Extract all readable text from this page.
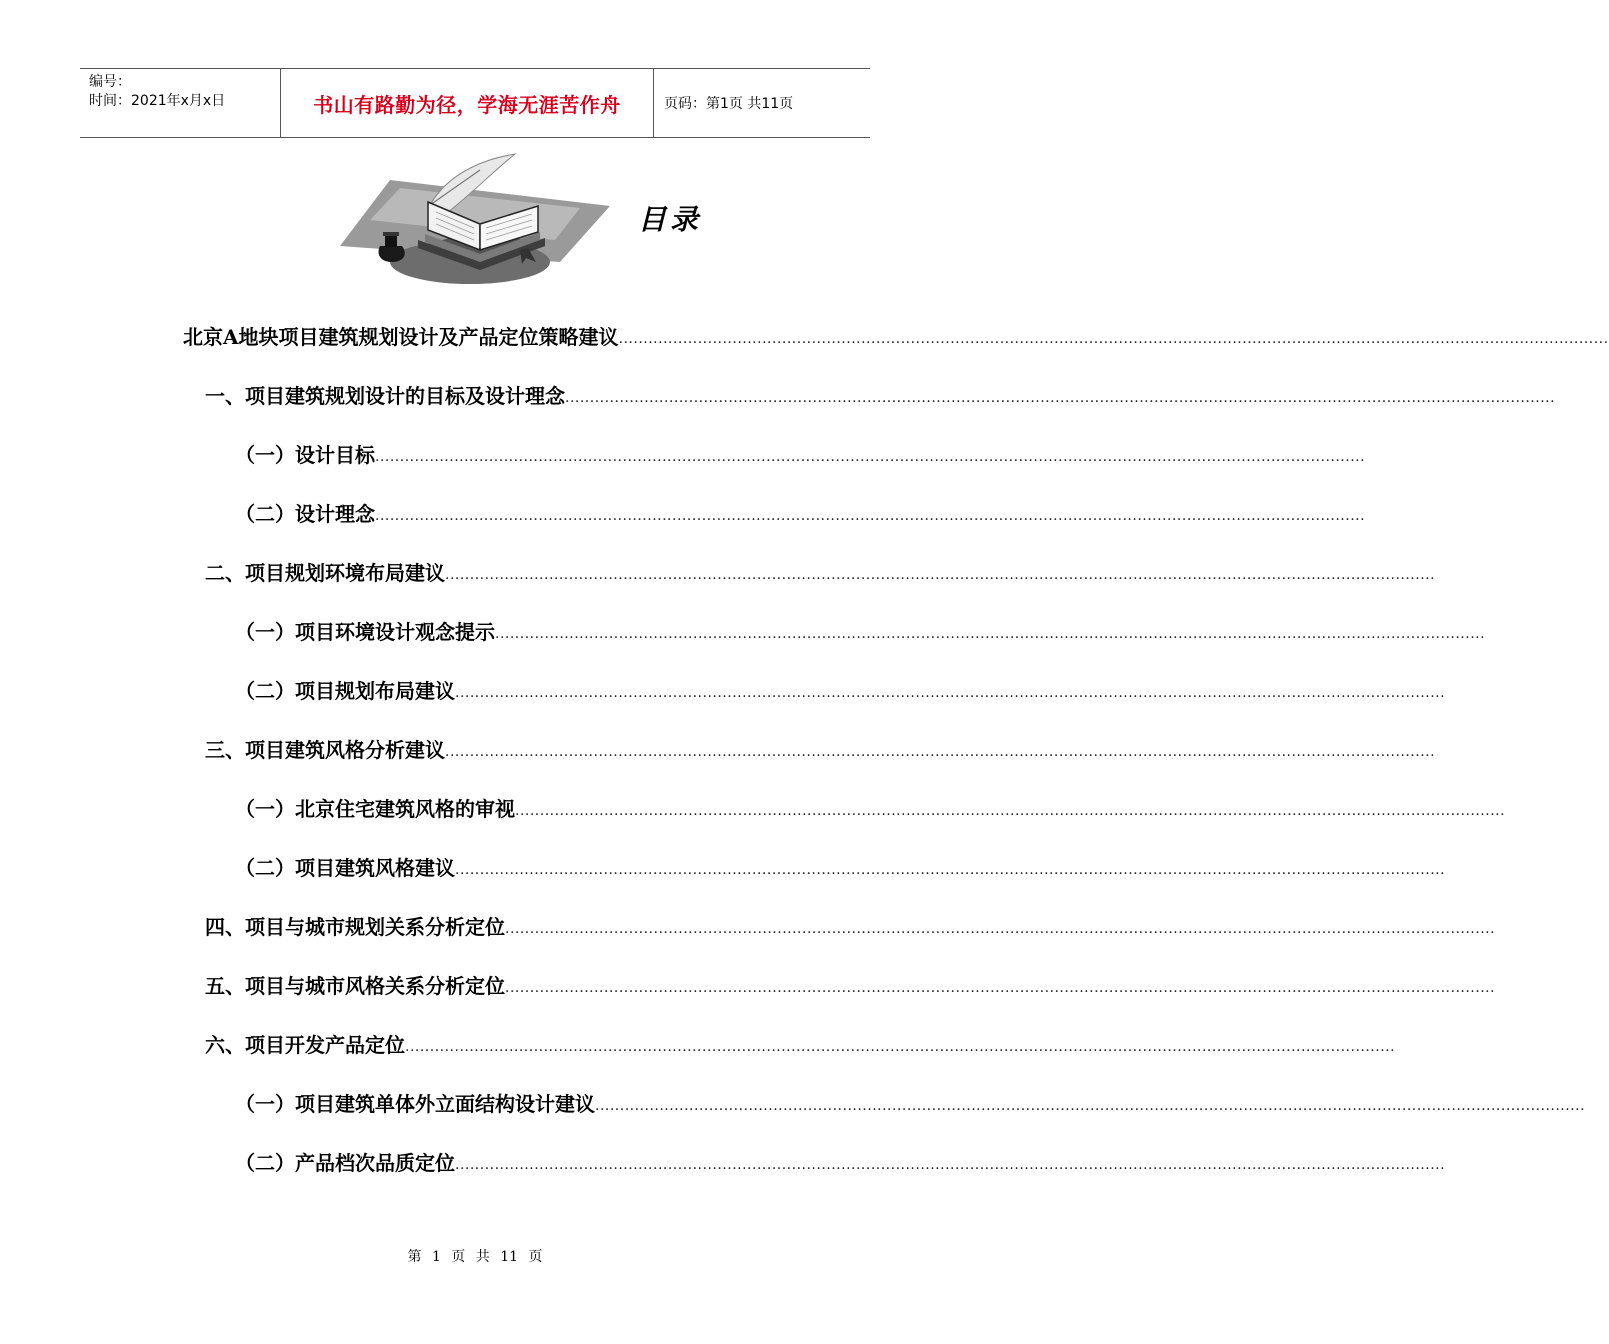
编号：
时间：2021年x月x日	书山有路勤为径，学海无涯苦作舟	页码：第1页 共11页
目录
北京A地块项目建筑规划设计及产品定位策略建议 ........................................................................................................................................................................................................
一、项目建筑规划设计的目标及设计理念 ........................................................................................................................................................................................................
（一）设计目标 ........................................................................................................................................................................................................
（二）设计理念 ........................................................................................................................................................................................................
二、项目规划环境布局建议 ........................................................................................................................................................................................................
（一）项目环境设计观念提示 ........................................................................................................................................................................................................
（二）项目规划布局建议 ........................................................................................................................................................................................................
三、项目建筑风格分析建议 ........................................................................................................................................................................................................
（一）北京住宅建筑风格的审视 ........................................................................................................................................................................................................
（二）项目建筑风格建议 ........................................................................................................................................................................................................
四、项目与城市规划关系分析定位 ........................................................................................................................................................................................................
五、项目与城市风格关系分析定位 ........................................................................................................................................................................................................
六、项目开发产品定位 ........................................................................................................................................................................................................
（一）项目建筑单体外立面结构设计建议 ........................................................................................................................................................................................................
（二）产品档次品质定位 ........................................................................................................................................................................................................
第 1 页 共 11 页
